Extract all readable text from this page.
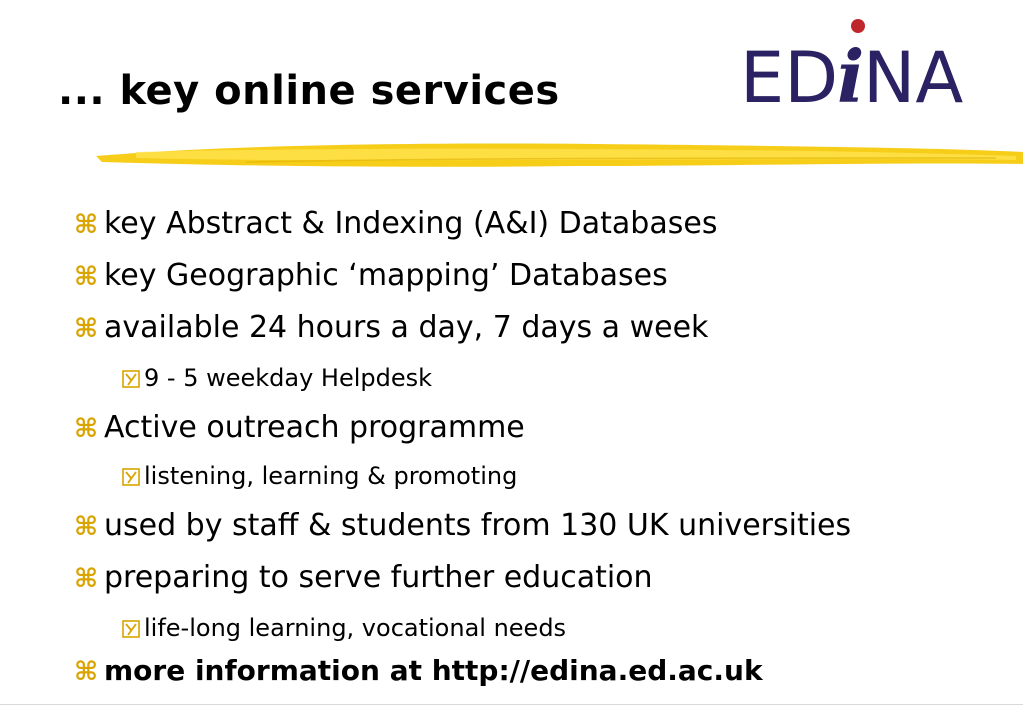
... key online services	ED
i
NA
⌘ key Abstract & Indexing (A&I) Databases
⌘ key Geographic ‘mapping’ Databases
⌘ available 24 hours a day, 7 days a week
9 - 5 weekday Helpdesk
⌘ Active outreach programme
listening, learning & promoting
⌘ used by staff & students from 130 UK universities
⌘ preparing to serve further education
life-long learning, vocational needs
⌘ more information at http://edina.ed.ac.uk
